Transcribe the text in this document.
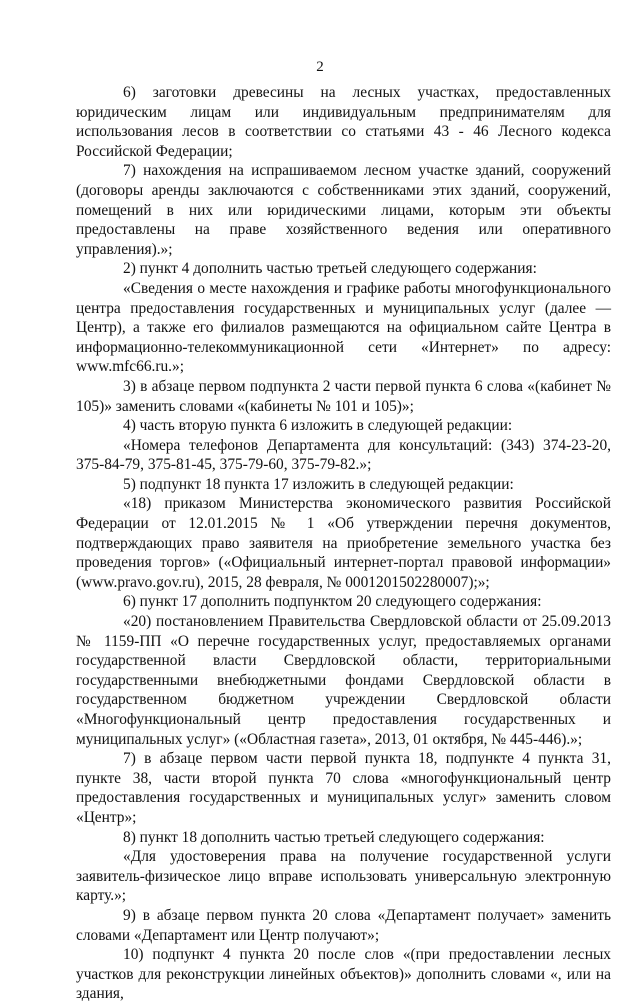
2

6) заготовки древесины на лесных участках, предоставленных юридическим лицам или индивидуальным предпринимателям для использования лесов в соответствии со статьями 43 - 46 Лесного кодекса Российской Федерации;

7) нахождения на испрашиваемом лесном участке зданий, сооружений (договоры аренды заключаются с собственниками этих зданий, сооружений, помещений в них или юридическими лицами, которым эти объекты предоставлены на праве хозяйственного ведения или оперативного управления).»;

2) пункт 4 дополнить частью третьей следующего содержания:

«Сведения о месте нахождения и графике работы многофункционального центра предоставления государственных и муниципальных услуг (далее — Центр), а также его филиалов размещаются на официальном сайте Центра в информационно-телекоммуникационной сети «Интернет» по адресу: www.mfc66.ru.»;

3) в абзаце первом подпункта 2 части первой пункта 6 слова «(кабинет № 105)» заменить словами «(кабинеты № 101 и 105)»;

4) часть вторую пункта 6 изложить в следующей редакции:

«Номера телефонов Департамента для консультаций: (343) 374-23-20, 375-84-79, 375-81-45, 375-79-60, 375-79-82.»;

5) подпункт 18 пункта 17 изложить в следующей редакции:

«18) приказом Министерства экономического развития Российской Федерации от 12.01.2015 № 1 «Об утверждении перечня документов, подтверждающих право заявителя на приобретение земельного участка без проведения торгов» («Официальный интернет-портал правовой информации» (www.pravo.gov.ru), 2015, 28 февраля, № 0001201502280007);»;

6) пункт 17 дополнить подпунктом 20 следующего содержания:

«20) постановлением Правительства Свердловской области от 25.09.2013 № 1159-ПП «О перечне государственных услуг, предоставляемых органами государственной власти Свердловской области, территориальными государственными внебюджетными фондами Свердловской области в государственном бюджетном учреждении Свердловской области «Многофункциональный центр предоставления государственных и муниципальных услуг» («Областная газета», 2013, 01 октября, № 445-446).»;

7) в абзаце первом части первой пункта 18, подпункте 4 пункта 31, пункте 38, части второй пункта 70 слова «многофункциональный центр предоставления государственных и муниципальных услуг» заменить словом «Центр»;

8) пункт 18 дополнить частью третьей следующего содержания:

«Для удостоверения права на получение государственной услуги заявитель-физическое лицо вправе использовать универсальную электронную карту.»;

9) в абзаце первом пункта 20 слова «Департамент получает» заменить словами «Департамент или Центр получают»;

10) подпункт 4 пункта 20 после слов «(при предоставлении лесных участков для реконструкции линейных объектов)» дополнить словами «, или на здания,
